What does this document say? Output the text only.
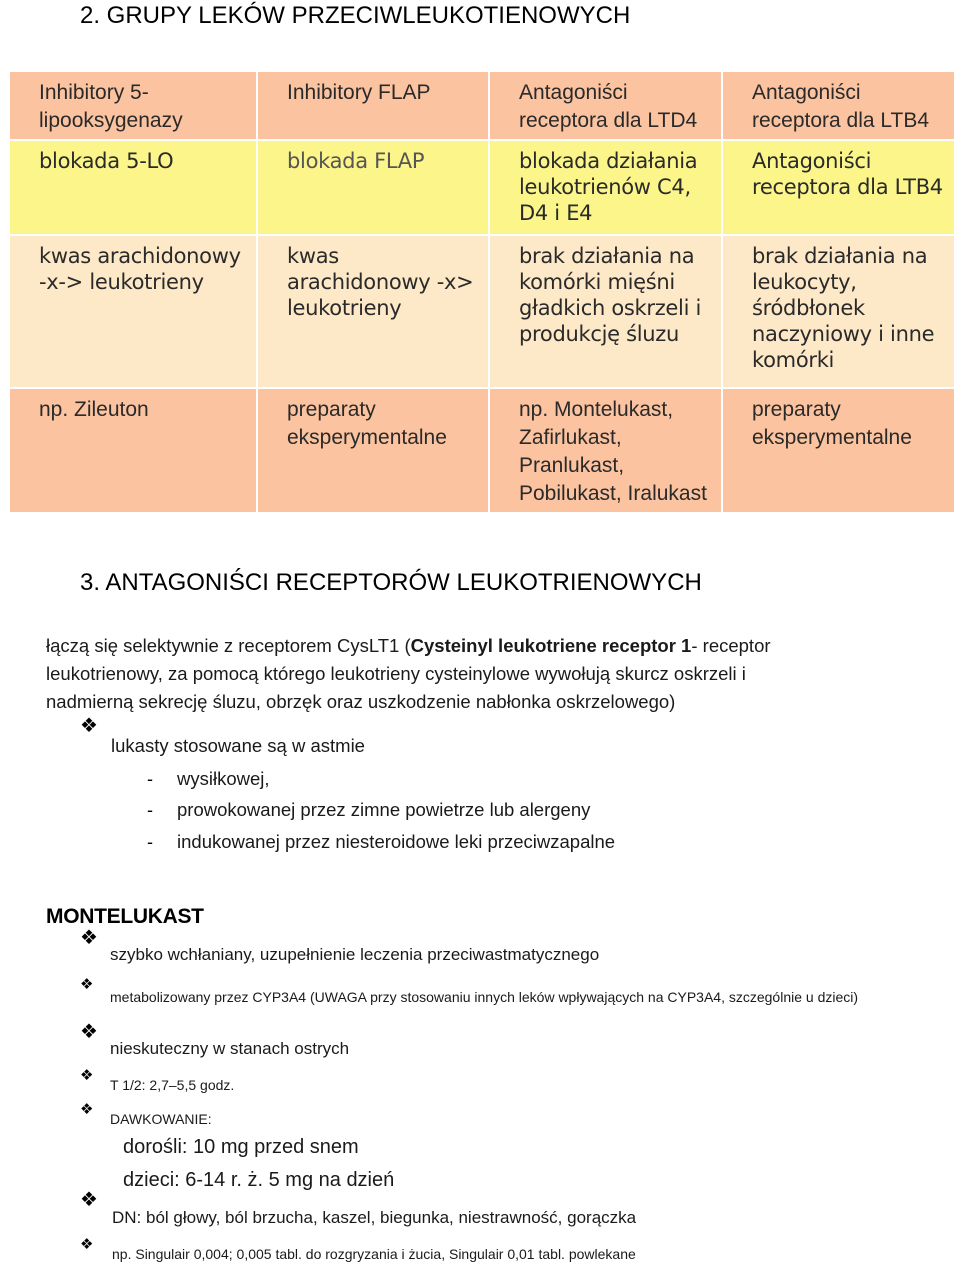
2. GRUPY LEKÓW PRZECIWLEUKOTIENOWYCH
Inhibitory 5-lipooksygenazy	Inhibitory FLAP	Antagoniści receptora dla LTD4	Antagoniści receptora dla LTB4
blokada 5-LO	blokada FLAP	blokada działania leukotrienów C4, D4 i E4	Antagoniści receptora dla LTB4
kwas arachidonowy -x-> leukotrieny	kwas arachidonowy -x> leukotrieny	brak działania na komórki mięśni gładkich oskrzeli i produkcję śluzu	brak działania na leukocyty, śródbłonek naczyniowy i inne komórki
np. Zileuton	preparaty eksperymentalne	np. Montelukast, Zafirlukast, Pranlukast, Pobilukast, Iralukast	preparaty eksperymentalne
3. ANTAGONIŚCI RECEPTORÓW LEUKOTRIENOWYCH
łączą się selektywnie z receptorem CysLT1 (Cysteinyl leukotriene receptor 1- receptor leukotrienowy, za pomocą którego leukotrieny cysteinylowe wywołują skurcz oskrzeli i nadmierną sekrecję śluzu, obrzęk oraz uszkodzenie nabłonka oskrzelowego)
❖
lukasty stosowane są w astmie
- wysiłkowej,
- prowokowanej przez zimne powietrze lub alergeny
- indukowanej przez niesteroidowe leki przeciwzapalne
MONTELUKAST
❖
szybko wchłaniany, uzupełnienie leczenia przeciwastmatycznego
❖
metabolizowany przez CYP3A4 (UWAGA przy stosowaniu innych leków wpływających na CYP3A4, szczególnie u dzieci)
❖
nieskuteczny w stanach ostrych
❖
T 1/2: 2,7–5,5 godz.
❖
DAWKOWANIE:
dorośli: 10 mg przed snem
dzieci: 6-14 r. ż. 5 mg na dzień
❖
DN: ból głowy, ból brzucha, kaszel, biegunka, niestrawność, gorączka
❖
np. Singulair 0,004; 0,005 tabl. do rozgryzania i żucia, Singulair 0,01 tabl. powlekane
